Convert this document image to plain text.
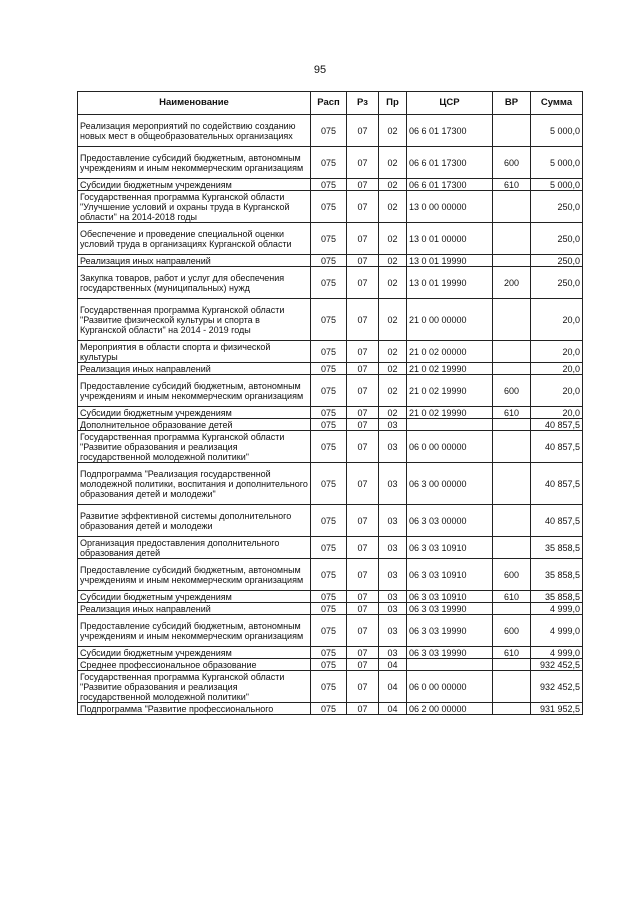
95
Наименование	Расп	Рз	Пр	ЦСР	ВР	Сумма
Реализация мероприятий по содействию созданию новых мест в общеобразовательных организациях	075	07	02	06 6 01 17300		5 000,0
Предоставление субсидий бюджетным, автономным учреждениям и иным некоммерческим организациям	075	07	02	06 6 01 17300	600	5 000,0
Субсидии бюджетным учреждениям	075	07	02	06 6 01 17300	610	5 000,0
Государственная программа Курганской области "Улучшение условий и охраны труда в Курганской области" на 2014-2018 годы	075	07	02	13 0 00 00000		250,0
Обеспечение и проведение специальной оценки условий труда в организациях Курганской области	075	07	02	13 0 01 00000		250,0
Реализация иных направлений	075	07	02	13 0 01 19990		250,0
Закупка товаров, работ и услуг для обеспечения государственных (муниципальных) нужд	075	07	02	13 0 01 19990	200	250,0
Государственная программа Курганской области "Развитие физической культуры и спорта в Курганской области" на 2014 - 2019 годы	075	07	02	21 0 00 00000		20,0
Мероприятия в области спорта и физической культуры	075	07	02	21 0 02 00000		20,0
Реализация иных направлений	075	07	02	21 0 02 19990		20,0
Предоставление субсидий бюджетным, автономным учреждениям и иным некоммерческим организациям	075	07	02	21 0 02 19990	600	20,0
Субсидии бюджетным учреждениям	075	07	02	21 0 02 19990	610	20,0
Дополнительное образование детей	075	07	03			40 857,5
Государственная программа Курганской области "Развитие образования и реализация государственной молодежной политики"	075	07	03	06 0 00 00000		40 857,5
Подпрограмма "Реализация государственной молодежной политики, воспитания и дополнительного образования детей и молодежи"	075	07	03	06 3 00 00000		40 857,5
Развитие эффективной системы дополнительного образования детей и молодежи	075	07	03	06 3 03 00000		40 857,5
Организация предоставления дополнительного образования детей	075	07	03	06 3 03 10910		35 858,5
Предоставление субсидий бюджетным, автономным учреждениям и иным некоммерческим организациям	075	07	03	06 3 03 10910	600	35 858,5
Субсидии бюджетным учреждениям	075	07	03	06 3 03 10910	610	35 858,5
Реализация иных направлений	075	07	03	06 3 03 19990		4 999,0
Предоставление субсидий бюджетным, автономным учреждениям и иным некоммерческим организациям	075	07	03	06 3 03 19990	600	4 999,0
Субсидии бюджетным учреждениям	075	07	03	06 3 03 19990	610	4 999,0
Среднее профессиональное образование	075	07	04			932 452,5
Государственная программа Курганской области "Развитие образования и реализация государственной молодежной политики"	075	07	04	06 0 00 00000		932 452,5
Подпрограмма "Развитие профессионального	075	07	04	06 2 00 00000		931 952,5
